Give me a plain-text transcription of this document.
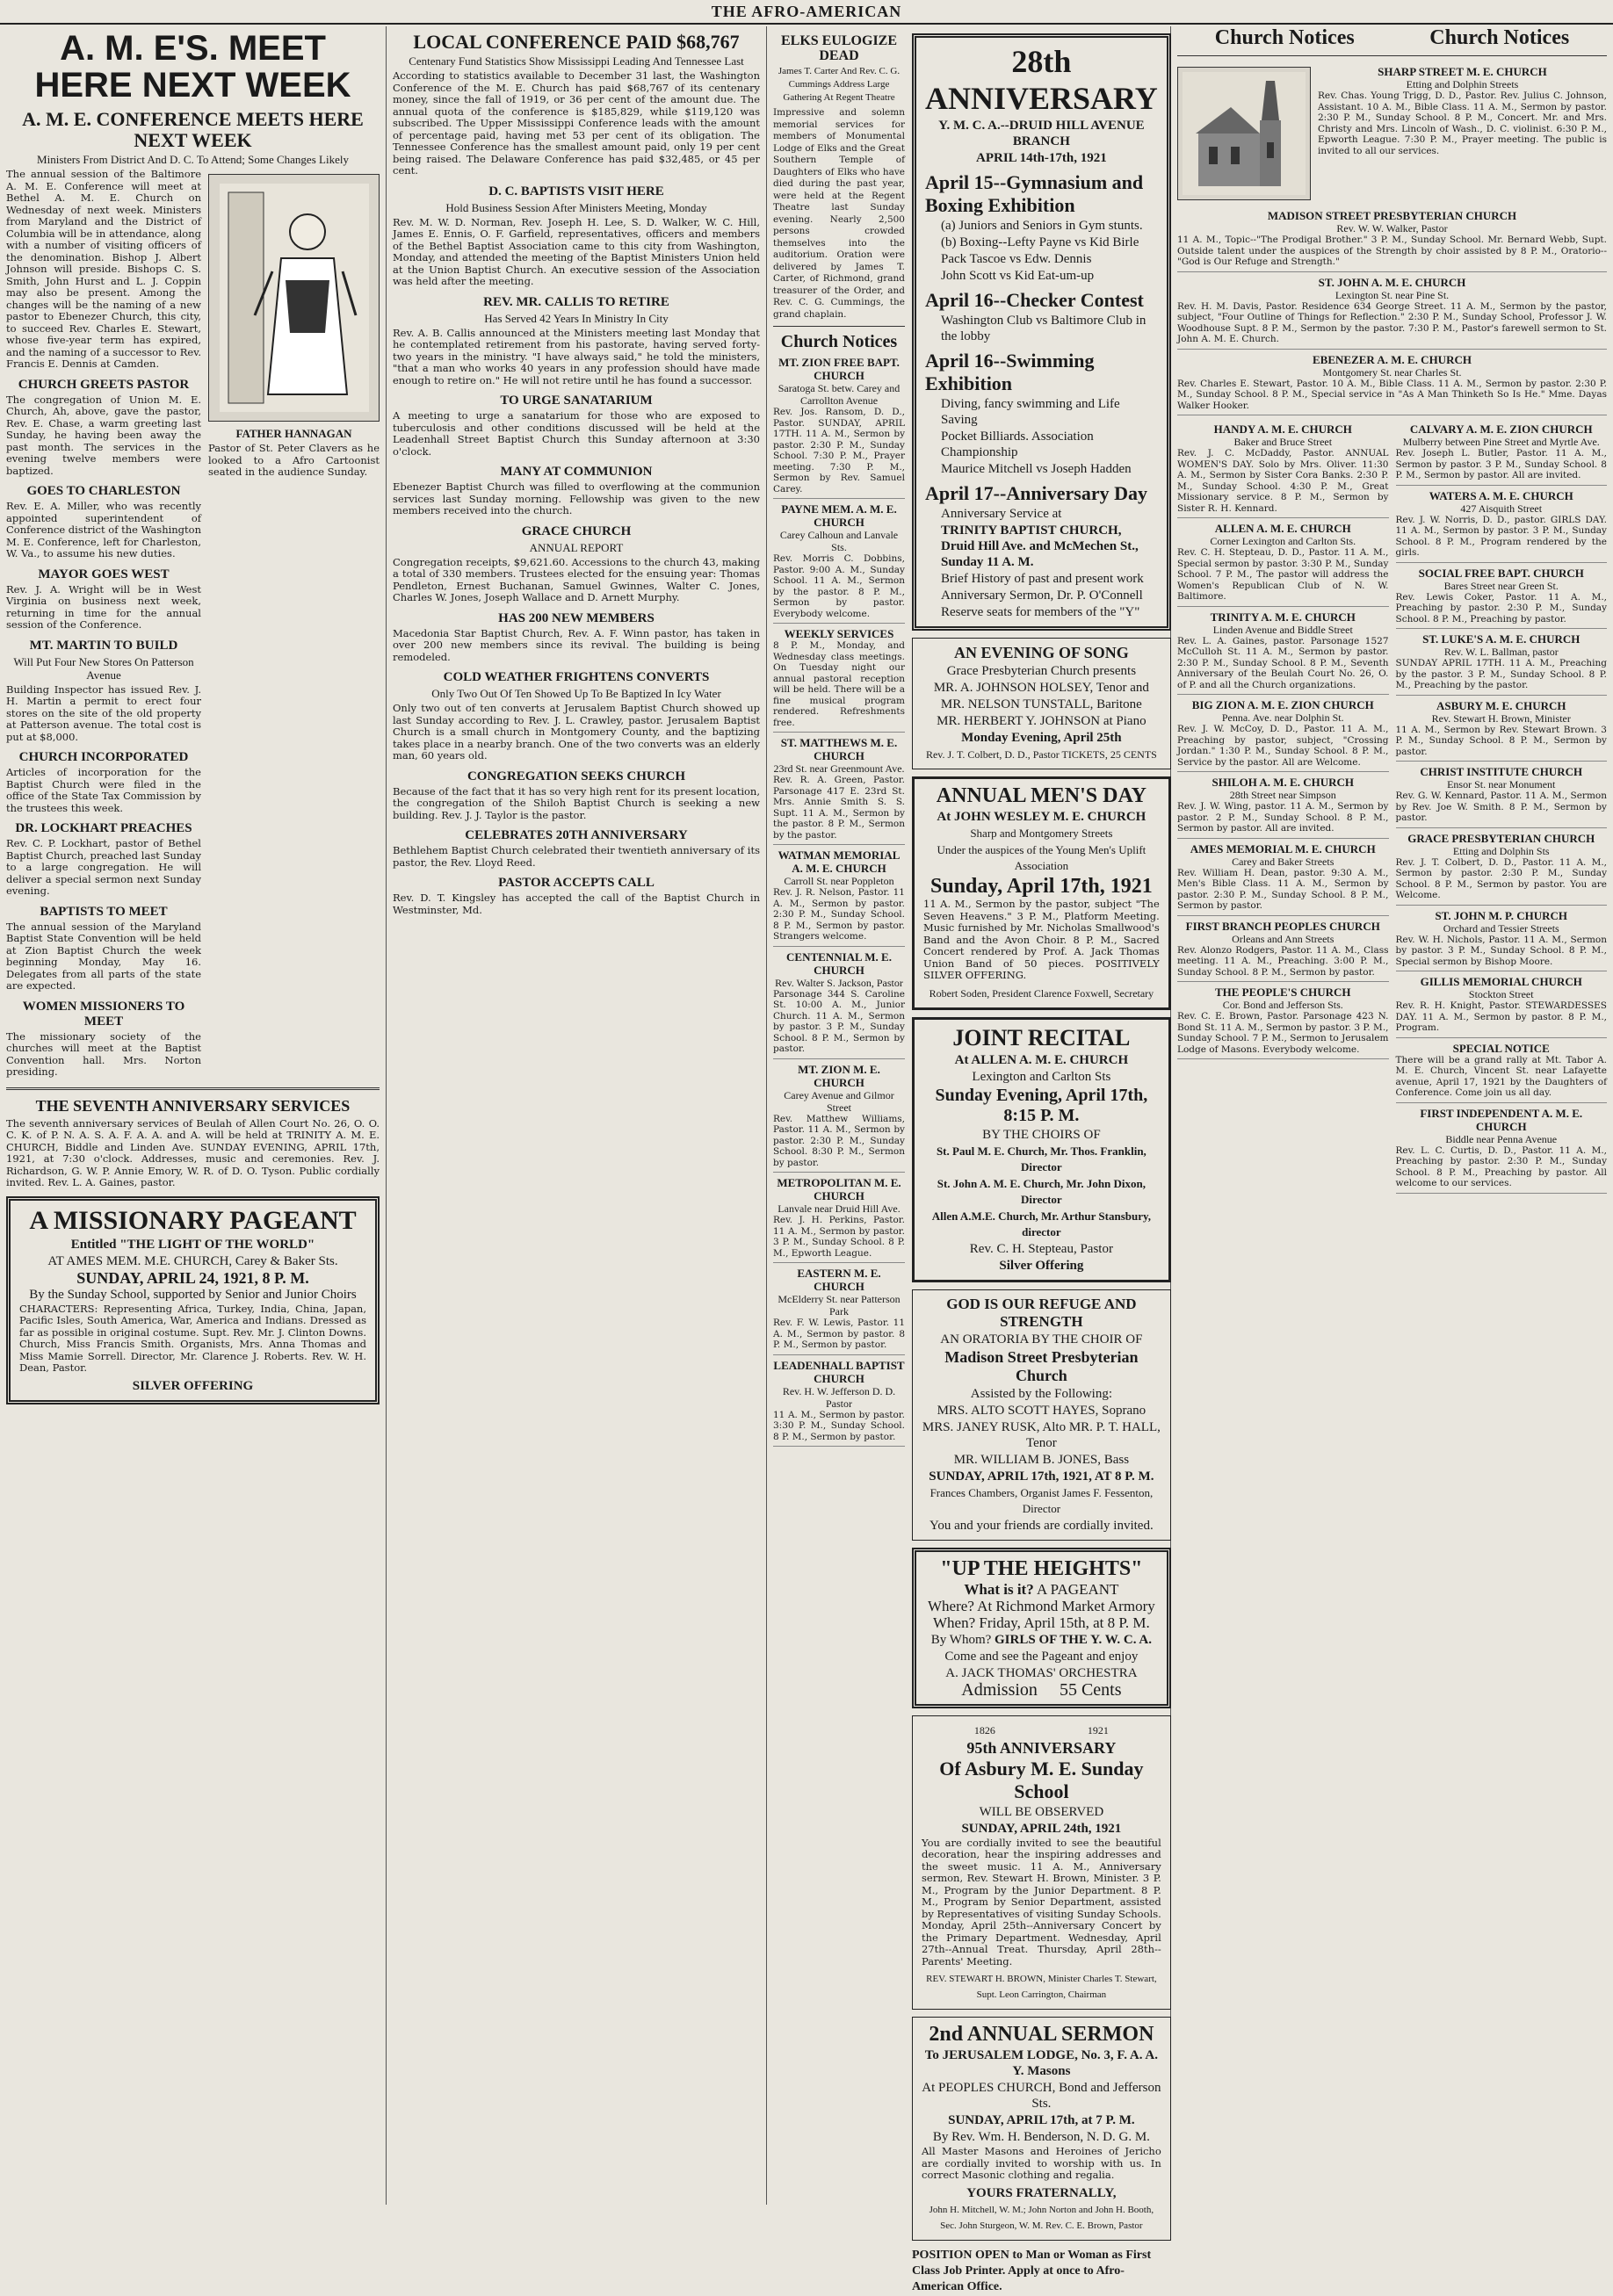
THE AFRO-AMERICAN
A. M. E'S. MEET HERE NEXT WEEK
A. M. E. CONFERENCE MEETS HERE NEXT WEEK
Ministers From District And D. C. To Attend; Some Changes Likely

The annual session of the Baltimore A. M. E. Conference will meet at Bethel A. M. E. Church on Wednesday of next week. Ministers from Maryland and the District of Columbia will be in attendance, along with a number of visiting officers of the denomination. Bishop J. Albert Johnson will preside. Bishops C. S. Smith, John Hurst and L. J. Coppin may also be present. Among the changes will be the naming of a new pastor to Ebenezer Church, this city, to succeed Rev. Charles E. Stewart, whose five-year term has expired, and the naming of a successor to Rev. Francis E. Dennis at Camden.

CHURCH GREETS PASTOR

The congregation of Union M. E. Church, Ah, above, gave the pastor, Rev. E. Chase, a warm greeting last Sunday, he having been away the past month. The services in the evening twelve members were baptized.

GOES TO CHARLESTON

Rev. E. A. Miller, who was recently appointed superintendent of Conference district of the Washington M. E. Conference, left for Charleston, W. Va., to assume his new duties.

MAYOR GOES WEST

Rev. J. A. Wright will be in West Virginia on business next week, returning in time for the annual session of the Conference.

MT. MARTIN TO BUILD
Will Put Four New Stores On Patterson Avenue

Building Inspector has issued Rev. J. H. Martin a permit to erect four stores on the site of the old property at Patterson avenue. The total cost is put at $8,000.

CHURCH INCORPORATED

Articles of incorporation for the Baptist Church were filed in the office of the State Tax Commission by the trustees this week.

DR. LOCKHART PREACHES

Rev. C. P. Lockhart, pastor of Bethel Baptist Church, preached last Sunday to a large congregation. He will deliver a special sermon next Sunday evening.

BAPTISTS TO MEET

The annual session of the Maryland Baptist State Convention will be held at Zion Baptist Church the week beginning Monday, May 16. Delegates from all parts of the state are expected.

WOMEN MISSIONERS TO MEET

The missionary society of the churches will meet at the Baptist Convention hall. Mrs. Norton presiding.

FATHER HANNAGAN

Pastor of St. Peter Clavers as he looked to a Afro Cartoonist seated in the audience Sunday.

THE SEVENTH ANNIVERSARY SERVICES

The seventh anniversary services of Beulah of Allen Court No. 26, O. O. C. K. of P. N. A. S. A. F. A. A. and A. will be held at TRINITY A. M. E. CHURCH, Biddle and Linden Ave. SUNDAY EVENING, APRIL 17th, 1921, at 7:30 o'clock. Addresses, music and ceremonies. Rev. J. Richardson, G. W. P. Annie Emory, W. R. of D. O. Tyson. Public cordially invited. Rev. L. A. Gaines, pastor.

A MISSIONARY PAGEANT
Entitled "THE LIGHT OF THE WORLD"
AT AMES MEM. M.E. CHURCH, Carey & Baker Sts.
SUNDAY, APRIL 24, 1921, 8 P. M.
By the Sunday School, supported by Senior and Junior Choirs

CHARACTERS: Representing Africa, Turkey, India, China, Japan, Pacific Isles, South America, War, America and Indians. Dressed as far as possible in original costume. Supt. Rev. Mr. J. Clinton Downs. Church, Miss Francis Smith. Organists, Mrs. Anna Thomas and Miss Mamie Sorrell. Director, Mr. Clarence J. Roberts. Rev. W. H. Dean, Pastor.

SILVER OFFERING
LOCAL CONFERENCE PAID $68,767
Centenary Fund Statistics Show Mississippi Leading And Tennessee Last

According to statistics available to December 31 last, the Washington Conference of the M. E. Church has paid $68,767 of its centenary money, since the fall of 1919, or 36 per cent of the amount due. The annual quota of the conference is $185,829, while $119,120 was subscribed. The Upper Mississippi Conference leads with the amount of percentage paid, having met 53 per cent of its obligation. The Tennessee Conference has the smallest amount paid, only 19 per cent being raised. The Delaware Conference has paid $32,485, or 45 per cent.

D. C. BAPTISTS VISIT HERE
Hold Business Session After Ministers Meeting, Monday

Rev. M. W. D. Norman, Rev. Joseph H. Lee, S. D. Walker, W. C. Hill, James E. Ennis, O. F. Garfield, representatives, officers and members of the Bethel Baptist Association came to this city from Washington, Monday, and attended the meeting of the Baptist Ministers Union held at the Union Baptist Church. An executive session of the Association was held after the meeting.

REV. MR. CALLIS TO RETIRE
Has Served 42 Years In Ministry In City

Rev. A. B. Callis announced at the Ministers meeting last Monday that he contemplated retirement from his pastorate, having served forty-two years in the ministry. "I have always said," he told the ministers, "that a man who works 40 years in any profession should have made enough to retire on." He will not retire until he has found a successor.

TO URGE SANATARIUM

A meeting to urge a sanatarium for those who are exposed to tuberculosis and other conditions discussed will be held at the Leadenhall Street Baptist Church this Sunday afternoon at 3:30 o'clock.

MANY AT COMMUNION

Ebenezer Baptist Church was filled to overflowing at the communion services last Sunday morning. Fellowship was given to the new members received into the church.

GRACE CHURCH
ANNUAL REPORT

Congregation receipts, $9,621.60. Accessions to the church 43, making a total of 330 members. Trustees elected for the ensuing year: Thomas Pendleton, Ernest Buchanan, Samuel Gwinnes, Walter C. Jones, Charles W. Jones, Joseph Wallace and D. Arnett Murphy.

HAS 200 NEW MEMBERS

Macedonia Star Baptist Church, Rev. A. F. Winn pastor, has taken in over 200 new members since its revival. The building is being remodeled.

COLD WEATHER FRIGHTENS CONVERTS
Only Two Out Of Ten Showed Up To Be Baptized In Icy Water

Only two out of ten converts at Jerusalem Baptist Church showed up last Sunday according to Rev. J. L. Crawley, pastor. Jerusalem Baptist Church is a small church in Montgomery County, and the baptizing takes place in a nearby branch. One of the two converts was an elderly man, 60 years old.

CONGREGATION SEEKS CHURCH

Because of the fact that it has so very high rent for its present location, the congregation of the Shiloh Baptist Church is seeking a new building. Rev. J. J. Taylor is the pastor.

CELEBRATES 20TH ANNIVERSARY

Bethlehem Baptist Church celebrated their twentieth anniversary of its pastor, the Rev. Lloyd Reed.

PASTOR ACCEPTS CALL

Rev. D. T. Kingsley has accepted the call of the Baptist Church in Westminster, Md.

ELKS EULOGIZE DEAD
James T. Carter And Rev. C. G. Cummings Address Large Gathering At Regent Theatre

Impressive and solemn memorial services for members of Monumental Lodge of Elks and the Great Southern Temple of Daughters of Elks who have died during the past year, were held at the Regent Theatre last Sunday evening. Nearly 2,500 persons crowded themselves into the auditorium. Oration were delivered by James T. Carter, of Richmond, grand treasurer of the Order, and Rev. C. G. Cummings, the grand chaplain.

Church Notices
MT. ZION FREE BAPT. CHURCH
Saratoga St. betw. Carey and Carrollton Avenue
Rev. Jos. Ransom, D. D., Pastor. SUNDAY, APRIL 17TH. 11 A. M., Sermon by pastor. 2:30 P. M., Sunday School. 7:30 P. M., Prayer meeting. 7:30 P. M., Sermon by Rev. Samuel Carey.
PAYNE MEM. A. M. E. CHURCH
Carey Calhoun and Lanvale Sts.
Rev. Morris C. Dobbins, Pastor. 9:00 A. M., Sunday School. 11 A. M., Sermon by the pastor. 8 P. M., Sermon by pastor. Everybody welcome.
WEEKLY SERVICES
8 P. M., Monday, and Wednesday class meetings. On Tuesday night our annual pastoral reception will be held. There will be a fine musical program rendered. Refreshments free.
ST. MATTHEWS M. E. CHURCH
23rd St. near Greenmount Ave.
Rev. R. A. Green, Pastor. Parsonage 417 E. 23rd St. Mrs. Annie Smith S. S. Supt. 11 A. M., Sermon by the pastor. 8 P. M., Sermon by the pastor.
WATMAN MEMORIAL A. M. E. CHURCH
Carroll St. near Poppleton
Rev. J. R. Nelson, Pastor. 11 A. M., Sermon by pastor. 2:30 P. M., Sunday School. 8 P. M., Sermon by pastor. Strangers welcome.
CENTENNIAL M. E. CHURCH
Rev. Walter S. Jackson, Pastor
Parsonage 344 S. Caroline St. 10:00 A. M., Junior Church. 11 A. M., Sermon by pastor. 3 P. M., Sunday School. 8 P. M., Sermon by pastor.
MT. ZION M. E. CHURCH
Carey Avenue and Gilmor Street
Rev. Matthew Williams, Pastor. 11 A. M., Sermon by pastor. 2:30 P. M., Sunday School. 8:30 P. M., Sermon by pastor.
METROPOLITAN M. E. CHURCH
Lanvale near Druid Hill Ave.
Rev. J. H. Perkins, Pastor. 11 A. M., Sermon by pastor. 3 P. M., Sunday School. 8 P. M., Epworth League.
EASTERN M. E. CHURCH
McElderry St. near Patterson Park
Rev. F. W. Lewis, Pastor. 11 A. M., Sermon by pastor. 8 P. M., Sermon by pastor.
LEADENHALL BAPTIST CHURCH
Rev. H. W. Jefferson D. D. Pastor
11 A. M., Sermon by pastor. 3:30 P. M., Sunday School. 8 P. M., Sermon by pastor.
28th ANNIVERSARY
Y. M. C. A.--DRUID HILL AVENUE BRANCH
APRIL 14th-17th, 1921
April 15--Gymnasium and Boxing Exhibition
(a) Juniors and Seniors in Gym stunts.
(b) Boxing--Lefty Payne vs Kid Birle
Pack Tascoe vs Edw. Dennis
John Scott vs Kid Eat-um-up
April 16--Checker Contest
Washington Club vs Baltimore Club in the lobby
April 16--Swimming Exhibition
Diving, fancy swimming and Life Saving
Pocket Billiards. Association Championship
Maurice Mitchell vs Joseph Hadden
April 17--Anniversary Day
Anniversary Service at
TRINITY BAPTIST CHURCH, Druid Hill Ave. and McMechen St., Sunday 11 A. M.
Brief History of past and present work
Anniversary Sermon, Dr. P. O'Connell
Reserve seats for members of the "Y"
AN EVENING OF SONG
Grace Presbyterian Church presents
MR. A. JOHNSON HOLSEY, Tenor and
MR. NELSON TUNSTALL, Baritone
MR. HERBERT Y. JOHNSON at Piano
Monday Evening, April 25th
Rev. J. T. Colbert, D. D., Pastor TICKETS, 25 CENTS
ANNUAL MEN'S DAY
At JOHN WESLEY M. E. CHURCH
Sharp and Montgomery Streets
Under the auspices of the Young Men's Uplift Association
Sunday, April 17th, 1921

11 A. M., Sermon by the pastor, subject "The Seven Heavens." 3 P. M., Platform Meeting. Music furnished by Mr. Nicholas Smallwood's Band and the Avon Choir. 8 P. M., Sacred Concert rendered by Prof. A. Jack Thomas Union Band of 50 pieces. POSITIVELY SILVER OFFERING.

Robert Soden, President Clarence Foxwell, Secretary
JOINT RECITAL
At ALLEN A. M. E. CHURCH
Lexington and Carlton Sts
Sunday Evening, April 17th, 8:15 P. M.
BY THE CHOIRS OF
St. Paul M. E. Church, Mr. Thos. Franklin, Director
St. John A. M. E. Church, Mr. John Dixon, Director
Allen A.M.E. Church, Mr. Arthur Stansbury, director
Rev. C. H. Stepteau, Pastor
Silver Offering
GOD IS OUR REFUGE AND STRENGTH
AN ORATORIA BY THE CHOIR OF
Madison Street Presbyterian Church
Assisted by the Following:
MRS. ALTO SCOTT HAYES, Soprano
MRS. JANEY RUSK, Alto MR. P. T. HALL, Tenor
MR. WILLIAM B. JONES, Bass
SUNDAY, APRIL 17th, 1921, AT 8 P. M.
Frances Chambers, Organist James F. Fessenton, Director
You and your friends are cordially invited.
"UP THE HEIGHTS"
What is it? A PAGEANT
Where? At Richmond Market Armory
When? Friday, April 15th, at 8 P. M.
By Whom? GIRLS OF THE Y. W. C. A.
Come and see the Pageant and enjoy
A. JACK THOMAS' ORCHESTRA
Admission 55 Cents
1826                                   1921
95th ANNIVERSARY
Of Asbury M. E. Sunday School
WILL BE OBSERVED
SUNDAY, APRIL 24th, 1921

You are cordially invited to see the beautiful decoration, hear the inspiring addresses and the sweet music. 11 A. M., Anniversary sermon, Rev. Stewart H. Brown, Minister. 3 P. M., Program by the Junior Department. 8 P. M., Program by Senior Department, assisted by Representatives of visiting Sunday Schools. Monday, April 25th--Anniversary Concert by the Primary Department. Wednesday, April 27th--Annual Treat. Thursday, April 28th--Parents' Meeting.

REV. STEWART H. BROWN, Minister Charles T. Stewart, Supt. Leon Carrington, Chairman
2nd ANNUAL SERMON
To JERUSALEM LODGE, No. 3, F. A. A. Y. Masons
At PEOPLES CHURCH, Bond and Jefferson Sts.
SUNDAY, APRIL 17th, at 7 P. M.
By Rev. Wm. H. Benderson, N. D. G. M.

All Master Masons and Heroines of Jericho are cordially invited to worship with us. In correct Masonic clothing and regalia.

YOURS FRATERNALLY,
John H. Mitchell, W. M.; John Norton and John H. Booth, Sec. John Sturgeon, W. M. Rev. C. E. Brown, Pastor
POSITION OPEN to Man or Woman as First Class Job Printer. Apply at once to Afro-American Office.
Church Notices	Church Notices
SHARP STREET M. E. CHURCH
Etting and Dolphin Streets
Rev. Chas. Young Trigg, D. D., Pastor. Rev. Julius C. Johnson, Assistant. 10 A. M., Bible Class. 11 A. M., Sermon by pastor. 2:30 P. M., Sunday School. 8 P. M., Concert. Mr. and Mrs. Christy and Mrs. Lincoln of Wash., D. C. violinist. 6:30 P. M., Epworth League. 7:30 P. M., Prayer meeting. The public is invited to all our services.
MADISON STREET PRESBYTERIAN CHURCH
Rev. W. W. Walker, Pastor
11 A. M., Topic--"The Prodigal Brother." 3 P. M., Sunday School. Mr. Bernard Webb, Supt. Outside talent under the auspices of the Strength by choir assisted by 8 P. M., Oratorio--"God is Our Refuge and Strength."
ST. JOHN A. M. E. CHURCH
Lexington St. near Pine St.
Rev. H. M. Davis, Pastor. Residence 634 George Street. 11 A. M., Sermon by the pastor, subject, "Four Outline of Things for Reflection." 2:30 P. M., Sunday School, Professor J. W. Woodhouse Supt. 8 P. M., Sermon by the pastor. 7:30 P. M., Pastor's farewell sermon to St. John A. M. E. Church.
EBENEZER A. M. E. CHURCH
Montgomery St. near Charles St.
Rev. Charles E. Stewart, Pastor. 10 A. M., Bible Class. 11 A. M., Sermon by pastor. 2:30 P. M., Sunday School. 8 P. M., Special service in "As A Man Thinketh So Is He." Mme. Dayas Walker Hooker.
HANDY A. M. E. CHURCH
Baker and Bruce Street
Rev. J. C. McDaddy, Pastor. ANNUAL WOMEN'S DAY. Solo by Mrs. Oliver. 11:30 A. M., Sermon by Sister Cora Banks. 2:30 P. M., Sunday School. 4:30 P. M., Great Missionary service. 8 P. M., Sermon by Sister R. H. Kennard.
ALLEN A. M. E. CHURCH
Corner Lexington and Carlton Sts.
Rev. C. H. Stepteau, D. D., Pastor. 11 A. M., Special sermon by pastor. 3:30 P. M., Sunday School. 7 P. M., The pastor will address the Women's Republican Club of N. W. Baltimore.
TRINITY A. M. E. CHURCH
Linden Avenue and Biddle Street
Rev. L. A. Gaines, pastor. Parsonage 1527 McCulloh St. 11 A. M., Sermon by pastor. 2:30 P. M., Sunday School. 8 P. M., Seventh Anniversary of the Beulah Court No. 26, O. of P. and all the Church organizations.
BIG ZION A. M. E. ZION CHURCH
Penna. Ave. near Dolphin St.
Rev. J. W. McCoy, D. D., Pastor. 11 A. M., Preaching by pastor, subject, "Crossing Jordan." 1:30 P. M., Sunday School. 8 P. M., Service by the pastor. All are Welcome.
SHILOH A. M. E. CHURCH
28th Street near Simpson
Rev. J. W. Wing, pastor. 11 A. M., Sermon by pastor. 2 P. M., Sunday School. 8 P. M., Sermon by pastor. All are invited.
AMES MEMORIAL M. E. CHURCH
Carey and Baker Streets
Rev. William H. Dean, pastor. 9:30 A. M., Men's Bible Class. 11 A. M., Sermon by pastor. 2:30 P. M., Sunday School. 8 P. M., Sermon by pastor.
FIRST BRANCH PEOPLES CHURCH
Orleans and Ann Streets
Rev. Alonzo Rodgers, Pastor. 11 A. M., Class meeting. 11 A. M., Preaching. 3:00 P. M., Sunday School. 8 P. M., Sermon by pastor.
THE PEOPLE'S CHURCH
Cor. Bond and Jefferson Sts.
Rev. C. E. Brown, Pastor. Parsonage 423 N. Bond St. 11 A. M., Sermon by pastor. 3 P. M., Sunday School. 7 P. M., Sermon to Jerusalem Lodge of Masons. Everybody welcome.
CALVARY A. M. E. ZION CHURCH
Mulberry between Pine Street and Myrtle Ave.
Rev. Joseph L. Butler, Pastor. 11 A. M., Sermon by pastor. 3 P. M., Sunday School. 8 P. M., Sermon by pastor. All are invited.
WATERS A. M. E. CHURCH
427 Aisquith Street
Rev. J. W. Norris, D. D., pastor. GIRLS DAY. 11 A. M., Sermon by pastor. 3 P. M., Sunday School. 8 P. M., Program rendered by the girls.
SOCIAL FREE BAPT. CHURCH
Bares Street near Green St.
Rev. Lewis Coker, Pastor. 11 A. M., Preaching by pastor. 2:30 P. M., Sunday School. 8 P. M., Preaching by pastor.
ST. LUKE'S A. M. E. CHURCH
Rev. W. L. Ballman, pastor
SUNDAY APRIL 17TH. 11 A. M., Preaching by the pastor. 3 P. M., Sunday School. 8 P. M., Preaching by the pastor.
ASBURY M. E. CHURCH
Rev. Stewart H. Brown, Minister
11 A. M., Sermon by Rev. Stewart Brown. 3 P. M., Sunday School. 8 P. M., Sermon by pastor.
CHRIST INSTITUTE CHURCH
Ensor St. near Monument
Rev. G. W. Kennard, Pastor. 11 A. M., Sermon by Rev. Joe W. Smith. 8 P. M., Sermon by pastor.
GRACE PRESBYTERIAN CHURCH
Etting and Dolphin Sts
Rev. J. T. Colbert, D. D., Pastor. 11 A. M., Sermon by pastor. 2:30 P. M., Sunday School. 8 P. M., Sermon by pastor. You are Welcome.
ST. JOHN M. P. CHURCH
Orchard and Tessier Streets
Rev. W. H. Nichols, Pastor. 11 A. M., Sermon by pastor. 3 P. M., Sunday School. 8 P. M., Special sermon by Bishop Moore.
GILLIS MEMORIAL CHURCH
Stockton Street
Rev. R. H. Knight, Pastor. STEWARDESSES DAY. 11 A. M., Sermon by pastor. 8 P. M., Program.
SPECIAL NOTICE
There will be a grand rally at Mt. Tabor A. M. E. Church, Vincent St. near Lafayette avenue, April 17, 1921 by the Daughters of Conference. Come join us all day.
FIRST INDEPENDENT A. M. E. CHURCH
Biddle near Penna Avenue
Rev. L. C. Curtis, D. D., Pastor. 11 A. M., Preaching by pastor. 2:30 P. M., Sunday School. 8 P. M., Preaching by pastor. All welcome to our services.
